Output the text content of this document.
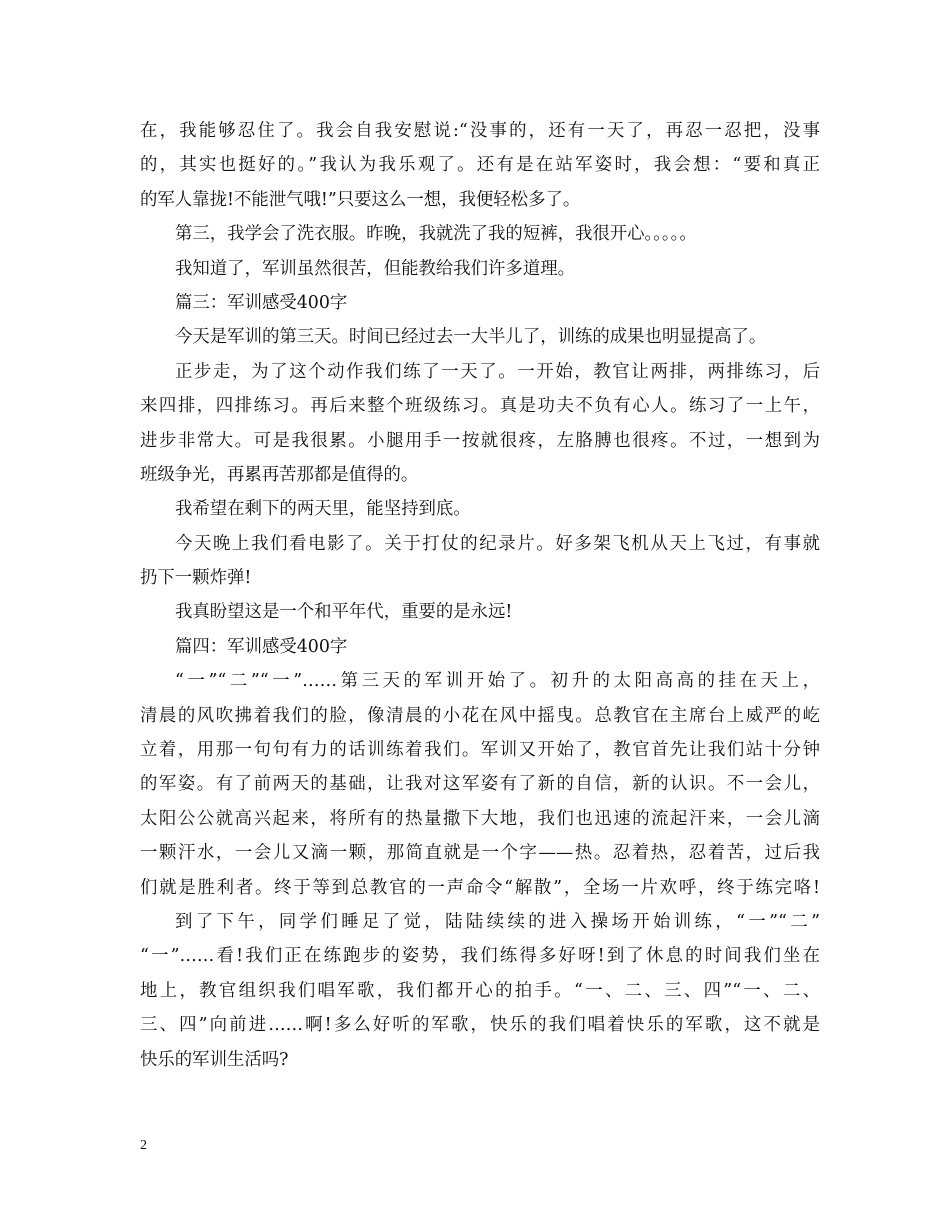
在，我能够忍住了。我会自我安慰说:“没事的，还有一天了，再忍一忍把，没事
的，其实也挺好的。”我认为我乐观了。还有是在站军姿时，我会想：“要和真正
的军人靠拢!不能泄气哦!”只要这么一想，我便轻松多了。
第三，我学会了洗衣服。昨晚，我就洗了我的短裤，我很开心。。。。。
我知道了，军训虽然很苦，但能教给我们许多道理。
篇三：军训感受400字
今天是军训的第三天。时间已经过去一大半儿了，训练的成果也明显提高了。
正步走，为了这个动作我们练了一天了。一开始，教官让两排，两排练习，后
来四排，四排练习。再后来整个班级练习。真是功夫不负有心人。练习了一上午，
进步非常大。可是我很累。小腿用手一按就很疼，左胳膊也很疼。不过，一想到为
班级争光，再累再苦那都是值得的。
我希望在剩下的两天里，能坚持到底。
今天晚上我们看电影了。关于打仗的纪录片。好多架飞机从天上飞过，有事就
扔下一颗炸弹!
我真盼望这是一个和平年代，重要的是永远!
篇四：军训感受400字
“一”“二”“一”……第三天的军训开始了。初升的太阳高高的挂在天上，
清晨的风吹拂着我们的脸，像清晨的小花在风中摇曳。总教官在主席台上威严的屹
立着，用那一句句有力的话训练着我们。军训又开始了，教官首先让我们站十分钟
的军姿。有了前两天的基础，让我对这军姿有了新的自信，新的认识。不一会儿，
太阳公公就高兴起来，将所有的热量撒下大地，我们也迅速的流起汗来，一会儿滴
一颗汗水，一会儿又滴一颗，那简直就是一个字——热。忍着热，忍着苦，过后我
们就是胜利者。终于等到总教官的一声命令“解散”，全场一片欢呼，终于练完咯!
到了下午，同学们睡足了觉，陆陆续续的进入操场开始训练，“一”“二”
“一”……看!我们正在练跑步的姿势，我们练得多好呀!到了休息的时间我们坐在
地上，教官组织我们唱军歌，我们都开心的拍手。“一、二、三、四”“一、二、
三、四”向前进……啊!多么好听的军歌，快乐的我们唱着快乐的军歌，这不就是
快乐的军训生活吗?
2
